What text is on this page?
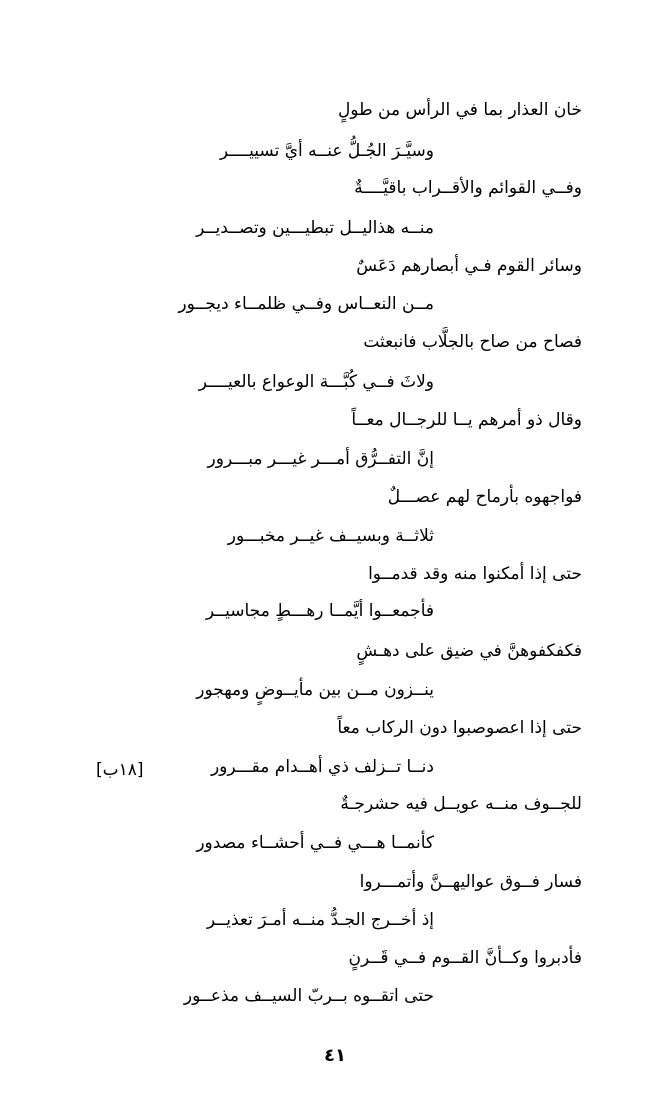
خان العذار بما في الرأس من طولٍ

وسيَّـرَ الجُـلُّ عنــه أيَّ تسييــــر

وفــي القوائم والأقــراب باقيَّــــةٌ

منــه هذاليــل تبطيـــين وتصــديــر

وسائر القوم فـي أبصارهم دَعَسٌ

مــن النعــاس وفــي ظلمــاء ديجــور

فصاح من صاح بالجلَّاب فانبعثت

ولاثَ فــي كُبَّـــة الوعواع بالعيــــر

وقال ذو أمرهم يــا للرجــال معــاً

إنَّ التفــرُّق أمـــر غيـــر مبـــرور

فواجهوه بأرماح لهم عصـــلٌ

ثلاثــة وبسيــف غيــر مخبـــور

حتى إذا أمكنوا منه وقد قدمــوا

فأجمعــوا أيَّمــا رهـــطٍ مجاسيــر

فكفكفوهنَّ في ضيق على دهـشٍ

ينــزون مــن بين مأيــوضٍ ومهجور

حتى إذا اعصوصبوا دون الركاب معاً

دنــا تــزلف ذي أهــدام مقـــرور

للجــوف منــه عويــل فيه حشرجـةٌ

كأنمــا هـــي فــي أحشــاء مصدور

فسار فــوق عواليهــنَّ وأتمـــروا

إذ أخــرج الجـدُّ منــه أمـرَ تعذيــر

فأدبروا وكــأنَّ القــوم فــي قَــرنٍ

حتى اتقــوه بــربّ السيــف مذعــور

[١٨ب]
٤١
